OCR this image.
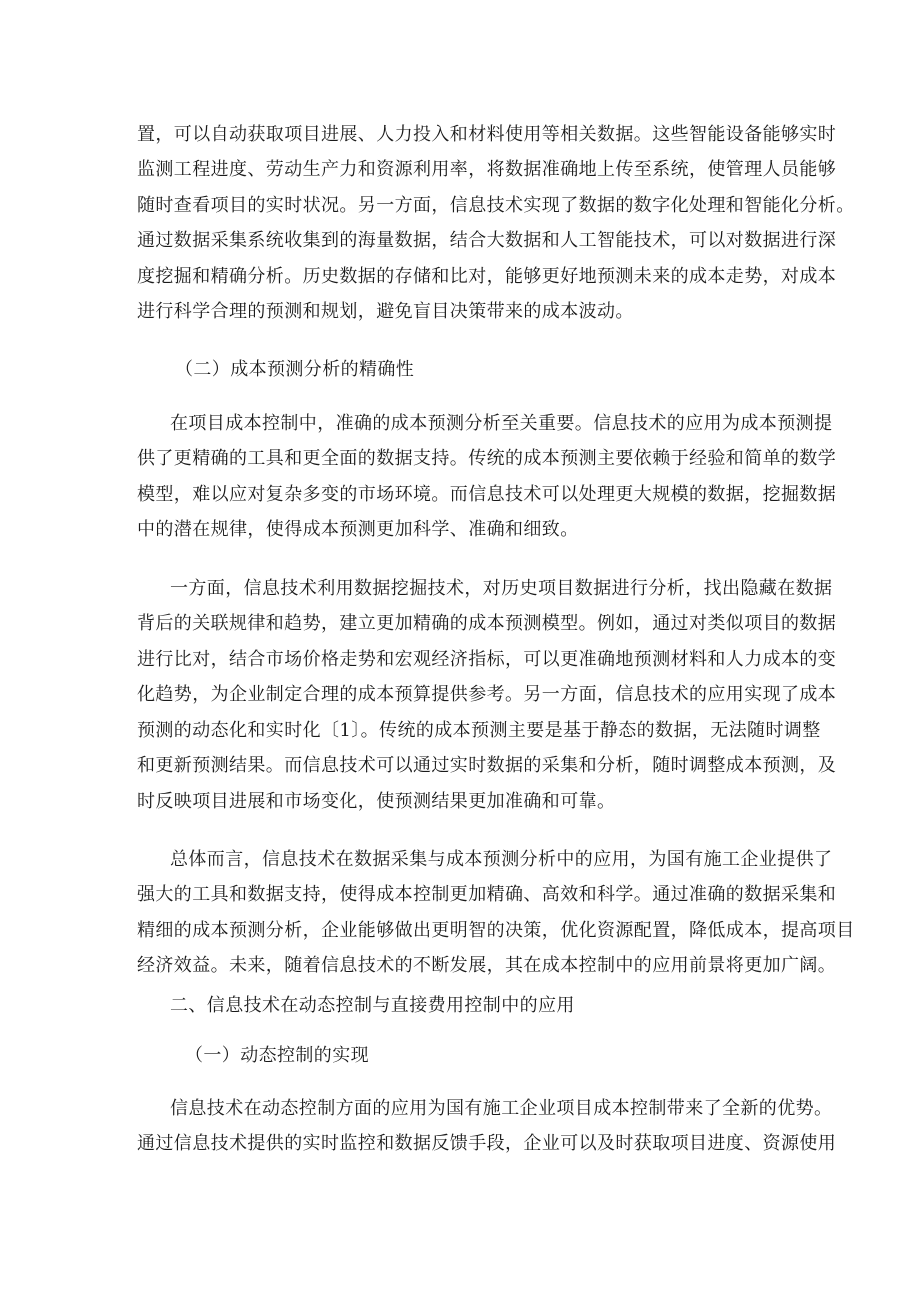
置，可以自动获取项目进展、人力投入和材料使用等相关数据。这些智能设备能够实时
监测工程进度、劳动生产力和资源利用率，将数据准确地上传至系统，使管理人员能够
随时查看项目的实时状况。另一方面，信息技术实现了数据的数字化处理和智能化分析。
通过数据采集系统收集到的海量数据，结合大数据和人工智能技术，可以对数据进行深
度挖掘和精确分析。历史数据的存储和比对，能够更好地预测未来的成本走势，对成本
进行科学合理的预测和规划，避免盲目决策带来的成本波动。
（二）成本预测分析的精确性
在项目成本控制中，准确的成本预测分析至关重要。信息技术的应用为成本预测提
供了更精确的工具和更全面的数据支持。传统的成本预测主要依赖于经验和简单的数学
模型，难以应对复杂多变的市场环境。而信息技术可以处理更大规模的数据，挖掘数据
中的潜在规律，使得成本预测更加科学、准确和细致。
一方面，信息技术利用数据挖掘技术，对历史项目数据进行分析，找出隐藏在数据
背后的关联规律和趋势，建立更加精确的成本预测模型。例如，通过对类似项目的数据
进行比对，结合市场价格走势和宏观经济指标，可以更准确地预测材料和人力成本的变
化趋势，为企业制定合理的成本预算提供参考。另一方面，信息技术的应用实现了成本
预测的动态化和实时化〔1〕。传统的成本预测主要是基于静态的数据，无法随时调整
和更新预测结果。而信息技术可以通过实时数据的采集和分析，随时调整成本预测，及
时反映项目进展和市场变化，使预测结果更加准确和可靠。
总体而言，信息技术在数据采集与成本预测分析中的应用，为国有施工企业提供了
强大的工具和数据支持，使得成本控制更加精确、高效和科学。通过准确的数据采集和
精细的成本预测分析，企业能够做出更明智的决策，优化资源配置，降低成本，提高项目
经济效益。未来，随着信息技术的不断发展，其在成本控制中的应用前景将更加广阔。
二、信息技术在动态控制与直接费用控制中的应用
（一）动态控制的实现
信息技术在动态控制方面的应用为国有施工企业项目成本控制带来了全新的优势。
通过信息技术提供的实时监控和数据反馈手段，企业可以及时获取项目进度、资源使用
